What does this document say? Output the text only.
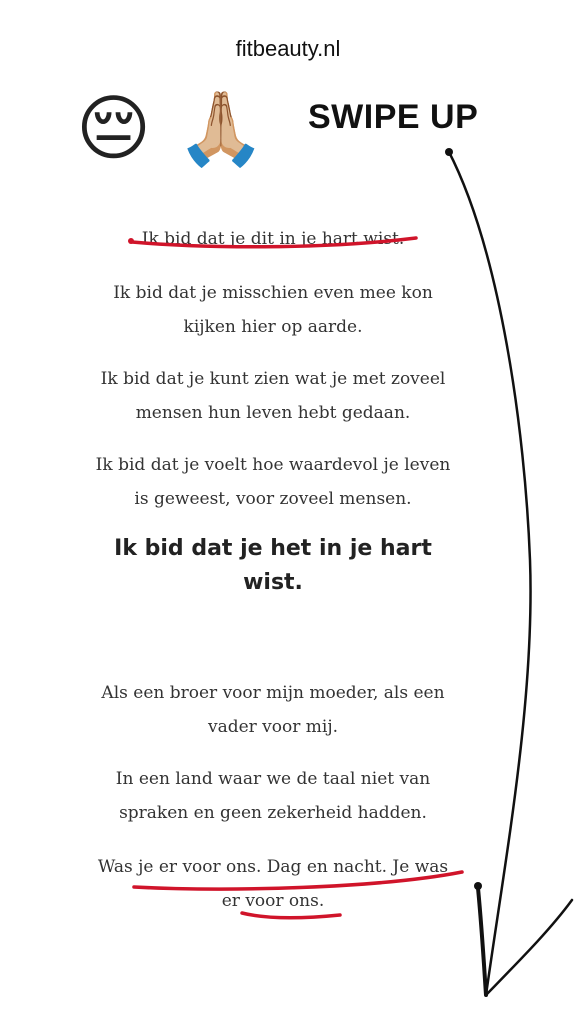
fitbeauty.nl
😔 🙏🏼 SWIPE UP
Ik bid dat je dit in je hart wist.
Ik bid dat je misschien even mee kon kijken hier op aarde.
Ik bid dat je kunt zien wat je met zoveel mensen hun leven hebt gedaan.
Ik bid dat je voelt hoe waardevol je leven is geweest, voor zoveel mensen.
Ik bid dat je het in je hart wist.
Als een broer voor mijn moeder, als een vader voor mij.
In een land waar we de taal niet van spraken en geen zekerheid hadden.
Was je er voor ons. Dag en nacht. Je was er voor ons.
